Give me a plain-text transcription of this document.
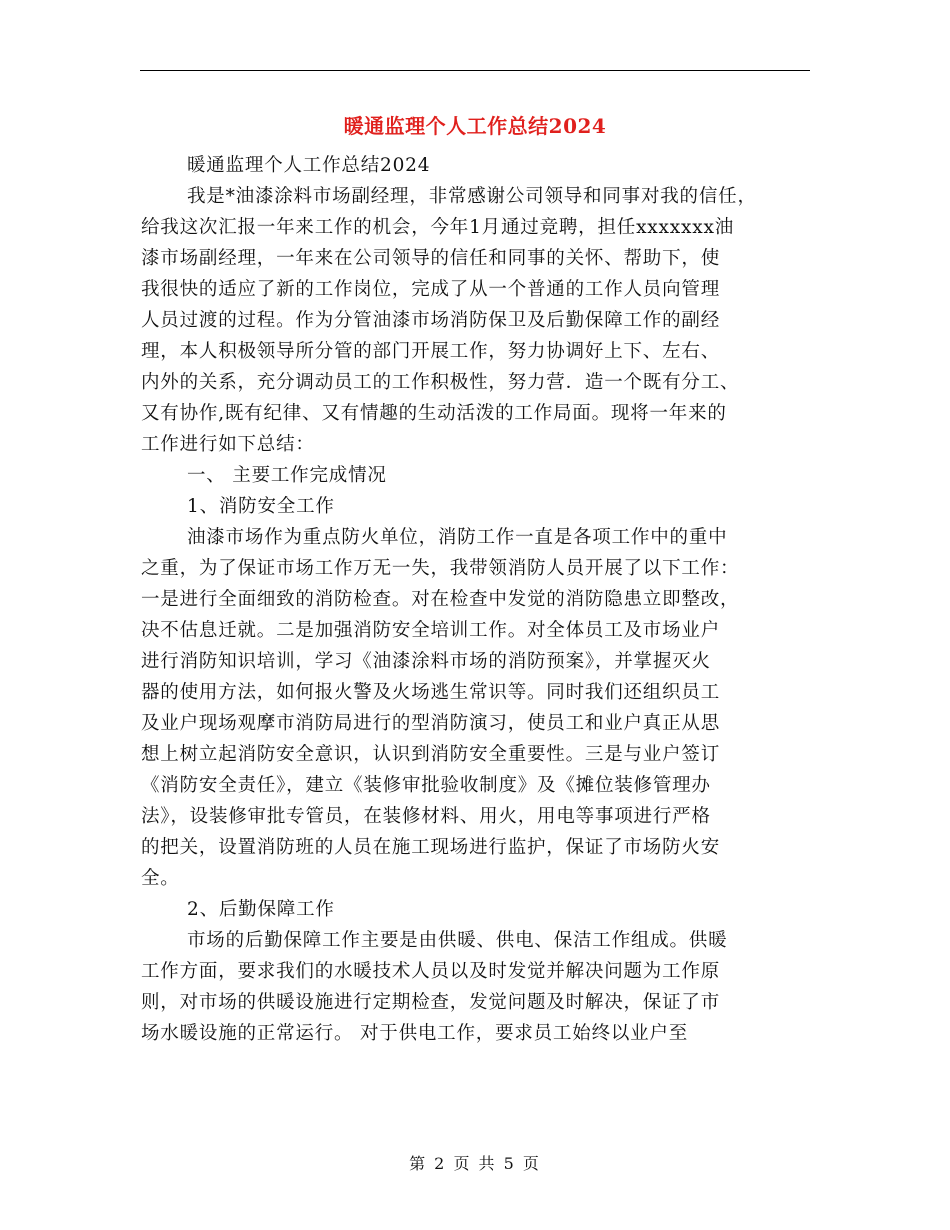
暖通监理个人工作总结2024
暖通监理个人工作总结2024
我是*油漆涂料市场副经理，非常感谢公司领导和同事对我的信任，
给我这次汇报一年来工作的机会，今年1月通过竞聘，担任xxxxxxx油
漆市场副经理，一年来在公司领导的信任和同事的关怀、帮助下，使
我很快的适应了新的工作岗位，完成了从一个普通的工作人员向管理
人员过渡的过程。作为分管油漆市场消防保卫及后勤保障工作的副经
理，本人积极领导所分管的部门开展工作，努力协调好上下、左右、
内外的关系，充分调动员工的工作积极性，努力营．造一个既有分工、
又有协作,既有纪律、又有情趣的生动活泼的工作局面。现将一年来的
工作进行如下总结：
一、 主要工作完成情况
1、消防安全工作
油漆市场作为重点防火单位，消防工作一直是各项工作中的重中
之重，为了保证市场工作万无一失，我带领消防人员开展了以下工作：
一是进行全面细致的消防检查。对在检查中发觉的消防隐患立即整改，
决不估息迁就。二是加强消防安全培训工作。对全体员工及市场业户
进行消防知识培训，学习《油漆涂料市场的消防预案》，并掌握灭火
器的使用方法，如何报火警及火场逃生常识等。同时我们还组织员工
及业户现场观摩市消防局进行的型消防演习，使员工和业户真正从思
想上树立起消防安全意识，认识到消防安全重要性。三是与业户签订
《消防安全责任》，建立《装修审批验收制度》及《摊位装修管理办
法》，设装修审批专管员，在装修材料、用火，用电等事项进行严格
的把关，设置消防班的人员在施工现场进行监护，保证了市场防火安
全。
2、后勤保障工作
市场的后勤保障工作主要是由供暖、供电、保洁工作组成。供暖
工作方面，要求我们的水暖技术人员以及时发觉并解决问题为工作原
则，对市场的供暖设施进行定期检查，发觉问题及时解决，保证了市
场水暖设施的正常运行。 对于供电工作，要求员工始终以业户至
第 2 页 共 5 页
